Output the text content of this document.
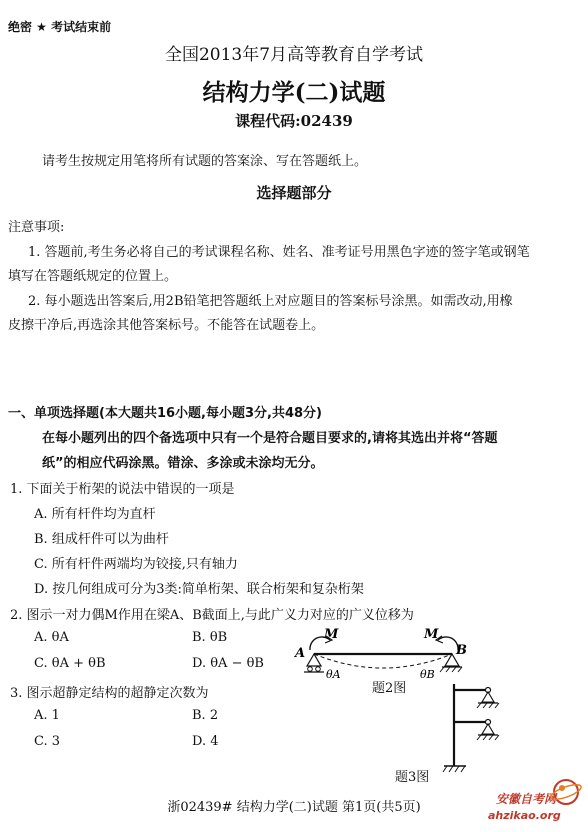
绝密 ★ 考试结束前
全国2013年7月高等教育自学考试
结构力学(二)试题
课程代码:02439
请考生按规定用笔将所有试题的答案涂、写在答题纸上。
选择题部分
注意事项:
1. 答题前,考生务必将自己的考试课程名称、姓名、准考证号用黑色字迹的签字笔或钢笔
填写在答题纸规定的位置上。
2. 每小题选出答案后,用2B铅笔把答题纸上对应题目的答案标号涂黑。如需改动,用橡
皮擦干净后,再选涂其他答案标号。不能答在试题卷上。
一、单项选择题(本大题共16小题,每小题3分,共48分)
在每小题列出的四个备选项中只有一个是符合题目要求的,请将其选出并将“答题
纸”的相应代码涂黑。错涂、多涂或未涂均无分。
1. 下面关于桁架的说法中错误的一项是
A. 所有杆件均为直杆
B. 组成杆件可以为曲杆
C. 所有杆件两端均为铰接,只有轴力
D. 按几何组成可分为3类:简单桁架、联合桁架和复杂桁架
2. 图示一对力偶M作用在梁A、B截面上,与此广义力对应的广义位移为
A. θA	B. θB
C. θA + θB	D. θA − θB
M	M
A	B
θA	θB
题2图
3. 图示超静定结构的超静定次数为
A. 1	B. 2
C. 3	D. 4
题3图
浙02439# 结构力学(二)试题 第1页(共5页)
安徽自考网
ahzikao.org
